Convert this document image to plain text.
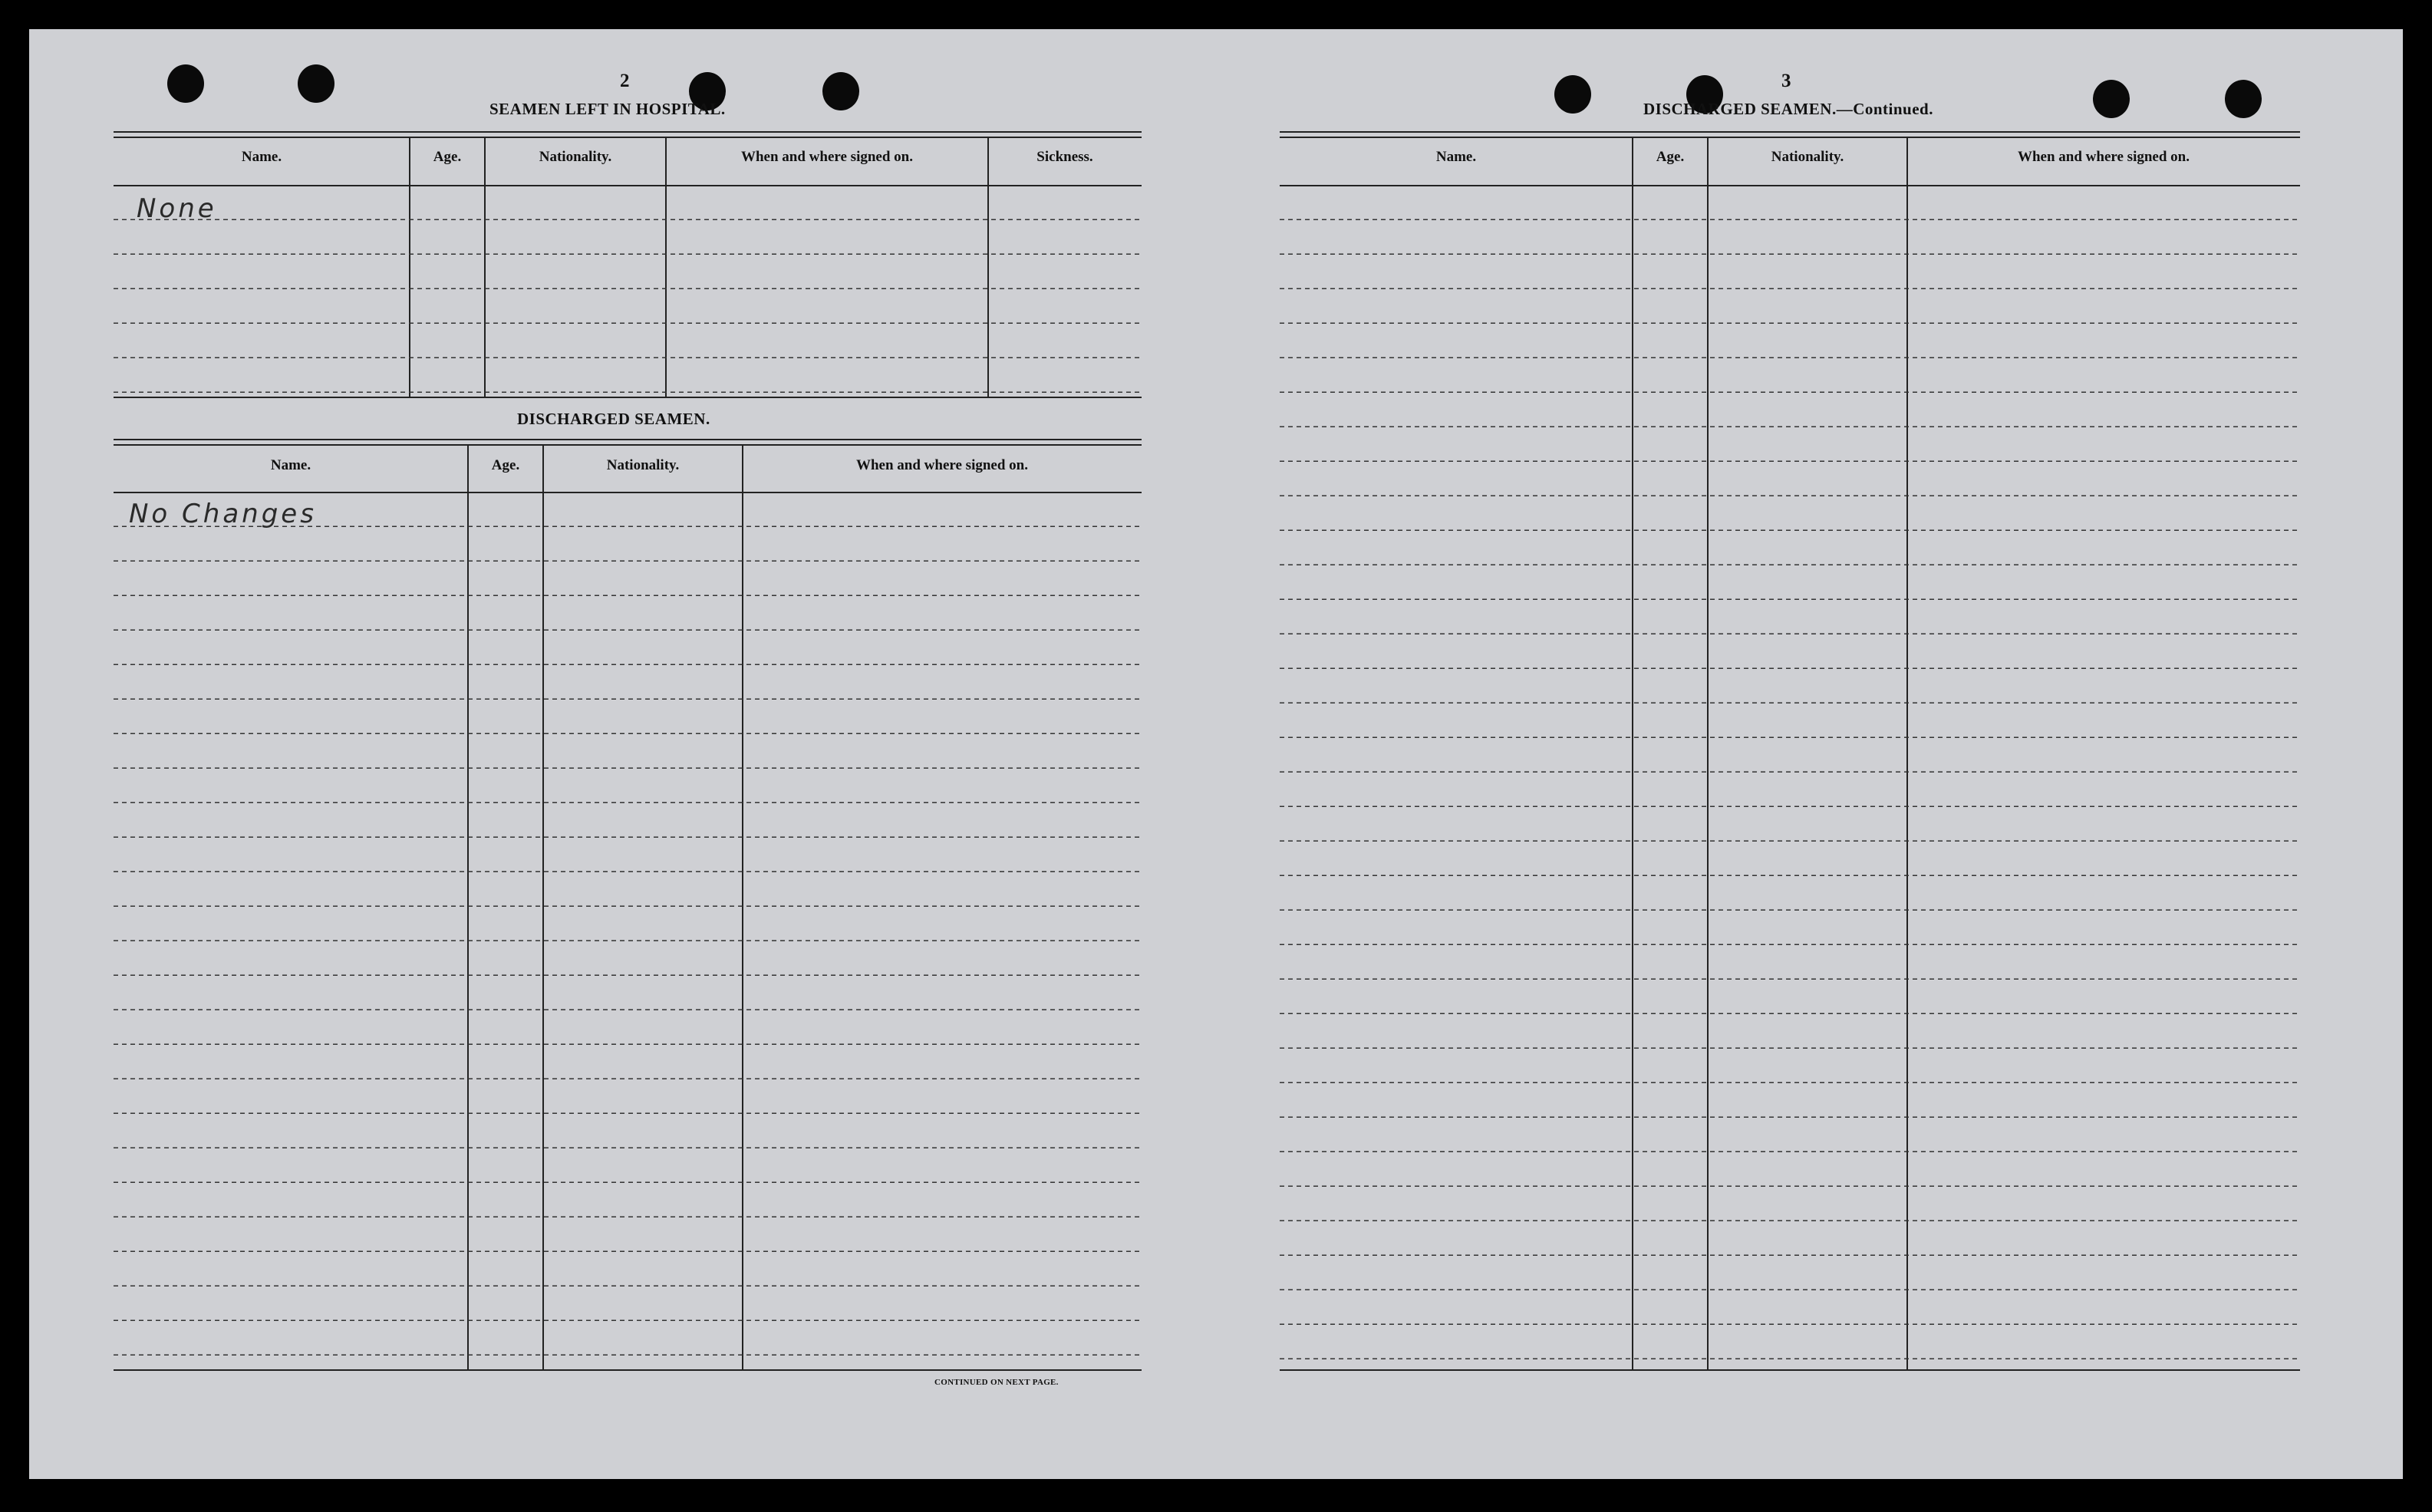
2
SEAMEN LEFT IN HOSPITAL.
Name.	Age.	Nationality.	When and where signed on.	Sickness.
None
DISCHARGED SEAMEN.
Name.	Age.	Nationality.	When and where signed on.
No Changes
CONTINUED ON NEXT PAGE.
3
DISCHARGED SEAMEN.—Continued.
Name.	Age.	Nationality.	When and where signed on.
